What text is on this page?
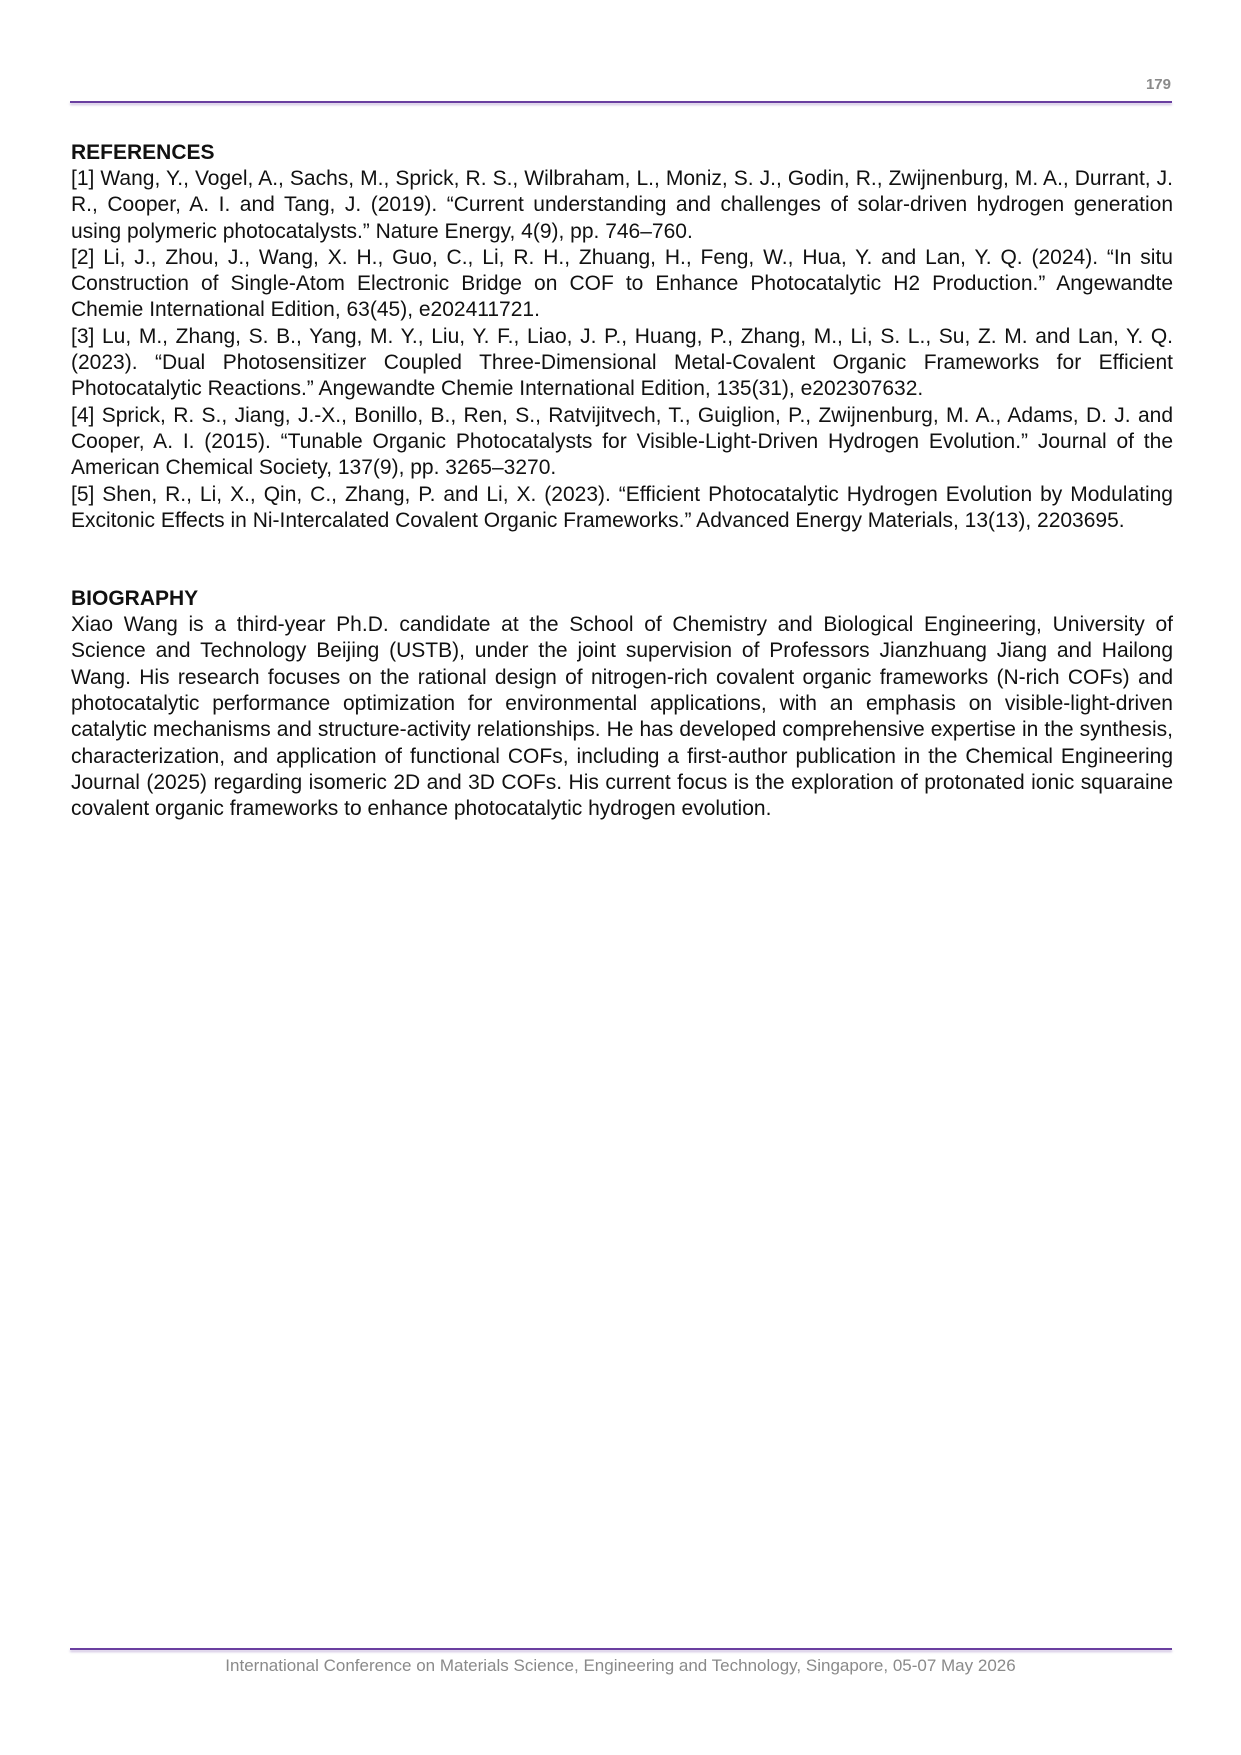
179
REFERENCES

[1] Wang, Y., Vogel, A., Sachs, M., Sprick, R. S., Wilbraham, L., Moniz, S. J., Godin, R., Zwijnenburg, M. A., Durrant, J. R., Cooper, A. I. and Tang, J. (2019). “Current understanding and challenges of solar-driven hydrogen generation using polymeric photocatalysts.” Nature Energy, 4(9), pp. 746–760.

[2] Li, J., Zhou, J., Wang, X. H., Guo, C., Li, R. H., Zhuang, H., Feng, W., Hua, Y. and Lan, Y. Q. (2024). “In situ Construction of Single-Atom Electronic Bridge on COF to Enhance Photocatalytic H2 Production.” Angewandte Chemie International Edition, 63(45), e202411721.

[3] Lu, M., Zhang, S. B., Yang, M. Y., Liu, Y. F., Liao, J. P., Huang, P., Zhang, M., Li, S. L., Su, Z. M. and Lan, Y. Q. (2023). “Dual Photosensitizer Coupled Three-Dimensional Metal-Covalent Organic Frameworks for Efficient Photocatalytic Reactions.” Angewandte Chemie International Edition, 135(31), e202307632.

[4] Sprick, R. S., Jiang, J.-X., Bonillo, B., Ren, S., Ratvijitvech, T., Guiglion, P., Zwijnenburg, M. A., Adams, D. J. and Cooper, A. I. (2015). “Tunable Organic Photocatalysts for Visible-Light-Driven Hydrogen Evolution.” Journal of the American Chemical Society, 137(9), pp. 3265–3270.

[5] Shen, R., Li, X., Qin, C., Zhang, P. and Li, X. (2023). “Efficient Photocatalytic Hydrogen Evolution by Modulating Excitonic Effects in Ni-Intercalated Covalent Organic Frameworks.” Advanced Energy Materials, 13(13), 2203695.

BIOGRAPHY

Xiao Wang is a third-year Ph.D. candidate at the School of Chemistry and Biological Engineering, University of Science and Technology Beijing (USTB), under the joint supervision of Professors Jianzhuang Jiang and Hailong Wang. His research focuses on the rational design of nitrogen-rich covalent organic frameworks (N-rich COFs) and photocatalytic performance optimization for environmental applications, with an emphasis on visible-light-driven catalytic mechanisms and structure-activity relationships. He has developed comprehensive expertise in the synthesis, characterization, and application of functional COFs, including a first-author publication in the Chemical Engineering Journal (2025) regarding isomeric 2D and 3D COFs. His current focus is the exploration of protonated ionic squaraine covalent organic frameworks to enhance photocatalytic hydrogen evolution.

International Conference on Materials Science, Engineering and Technology, Singapore, 05-07 May 2026
